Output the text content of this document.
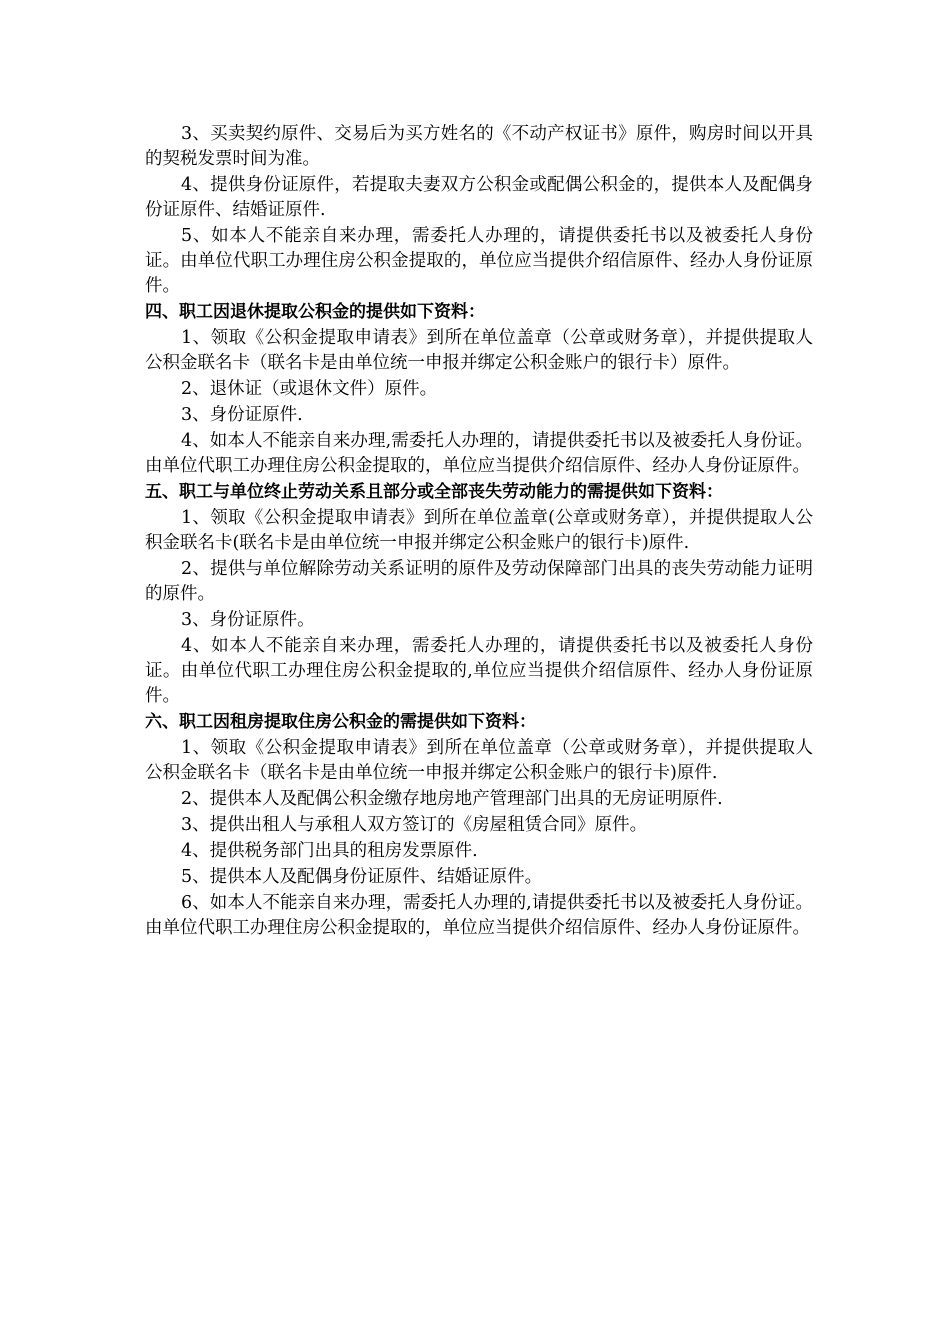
3、买卖契约原件、交易后为买方姓名的《不动产权证书》原件，购房时间以开具的契税发票时间为准。

4、提供身份证原件，若提取夫妻双方公积金或配偶公积金的，提供本人及配偶身份证原件、结婚证原件.

5、如本人不能亲自来办理，需委托人办理的，请提供委托书以及被委托人身份证。由单位代职工办理住房公积金提取的，单位应当提供介绍信原件、经办人身份证原件。

四、职工因退休提取公积金的提供如下资料：

1、领取《公积金提取申请表》到所在单位盖章（公章或财务章），并提供提取人公积金联名卡（联名卡是由单位统一申报并绑定公积金账户的银行卡）原件。

2、退休证（或退休文件）原件。

3、身份证原件.

4、如本人不能亲自来办理,需委托人办理的，请提供委托书以及被委托人身份证。由单位代职工办理住房公积金提取的，单位应当提供介绍信原件、经办人身份证原件。

五、职工与单位终止劳动关系且部分或全部丧失劳动能力的需提供如下资料：

1、领取《公积金提取申请表》到所在单位盖章(公章或财务章），并提供提取人公积金联名卡(联名卡是由单位统一申报并绑定公积金账户的银行卡)原件.

2、提供与单位解除劳动关系证明的原件及劳动保障部门出具的丧失劳动能力证明的原件。

3、身份证原件。

4、如本人不能亲自来办理，需委托人办理的，请提供委托书以及被委托人身份证。由单位代职工办理住房公积金提取的,单位应当提供介绍信原件、经办人身份证原件。

六、职工因租房提取住房公积金的需提供如下资料：

1、领取《公积金提取申请表》到所在单位盖章（公章或财务章），并提供提取人公积金联名卡（联名卡是由单位统一申报并绑定公积金账户的银行卡)原件.

2、提供本人及配偶公积金缴存地房地产管理部门出具的无房证明原件.

3、提供出租人与承租人双方签订的《房屋租赁合同》原件。

4、提供税务部门出具的租房发票原件.

5、提供本人及配偶身份证原件、结婚证原件。

6、如本人不能亲自来办理，需委托人办理的,请提供委托书以及被委托人身份证。由单位代职工办理住房公积金提取的，单位应当提供介绍信原件、经办人身份证原件。
